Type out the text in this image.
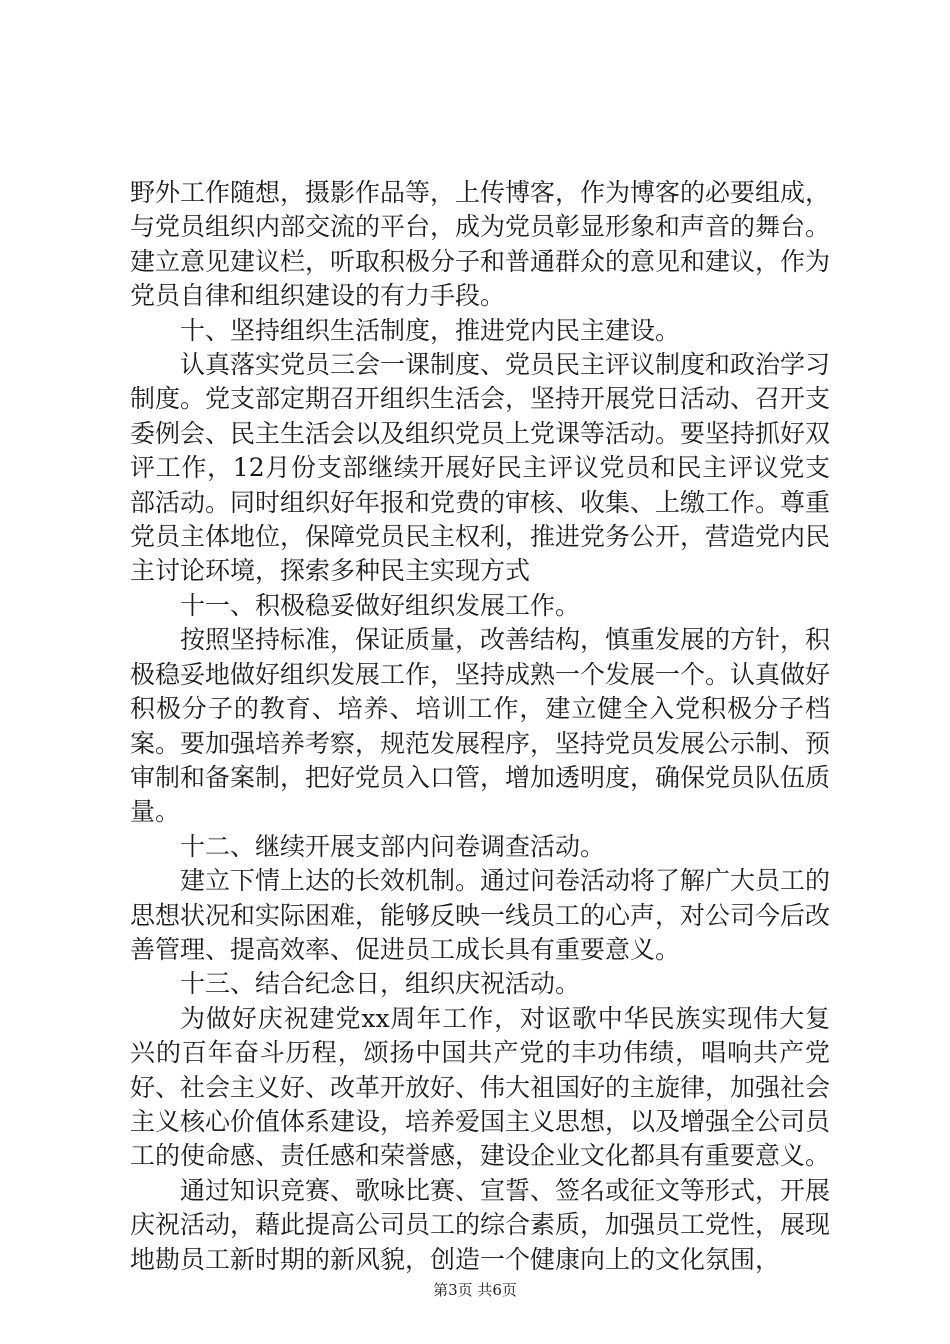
野外工作随想，摄影作品等，上传博客，作为博客的必要组成，与党员组织内部交流的平台，成为党员彰显形象和声音的舞台。建立意见建议栏，听取积极分子和普通群众的意见和建议，作为党员自律和组织建设的有力手段。

十、坚持组织生活制度，推进党内民主建设。

认真落实党员三会一课制度、党员民主评议制度和政治学习制度。党支部定期召开组织生活会，坚持开展党日活动、召开支委例会、民主生活会以及组织党员上党课等活动。要坚持抓好双评工作，12月份支部继续开展好民主评议党员和民主评议党支部活动。同时组织好年报和党费的审核、收集、上缴工作。尊重党员主体地位，保障党员民主权利，推进党务公开，营造党内民主讨论环境，探索多种民主实现方式

十一、积极稳妥做好组织发展工作。

按照坚持标准，保证质量，改善结构，慎重发展的方针，积极稳妥地做好组织发展工作，坚持成熟一个发展一个。认真做好积极分子的教育、培养、培训工作，建立健全入党积极分子档案。要加强培养考察，规范发展程序，坚持党员发展公示制、预审制和备案制，把好党员入口管，增加透明度，确保党员队伍质量。

十二、继续开展支部内问卷调查活动。

建立下情上达的长效机制。通过问卷活动将了解广大员工的思想状况和实际困难，能够反映一线员工的心声，对公司今后改善管理、提高效率、促进员工成长具有重要意义。

十三、结合纪念日，组织庆祝活动。

为做好庆祝建党xx周年工作，对讴歌中华民族实现伟大复兴的百年奋斗历程，颂扬中国共产党的丰功伟绩，唱响共产党好、社会主义好、改革开放好、伟大祖国好的主旋律，加强社会主义核心价值体系建设，培养爱国主义思想，以及增强全公司员工的使命感、责任感和荣誉感，建设企业文化都具有重要意义。

通过知识竞赛、歌咏比赛、宣誓、签名或征文等形式，开展庆祝活动，藉此提高公司员工的综合素质，加强员工党性，展现地勘员工新时期的新风貌，创造一个健康向上的文化氛围，

第3页 共6页
